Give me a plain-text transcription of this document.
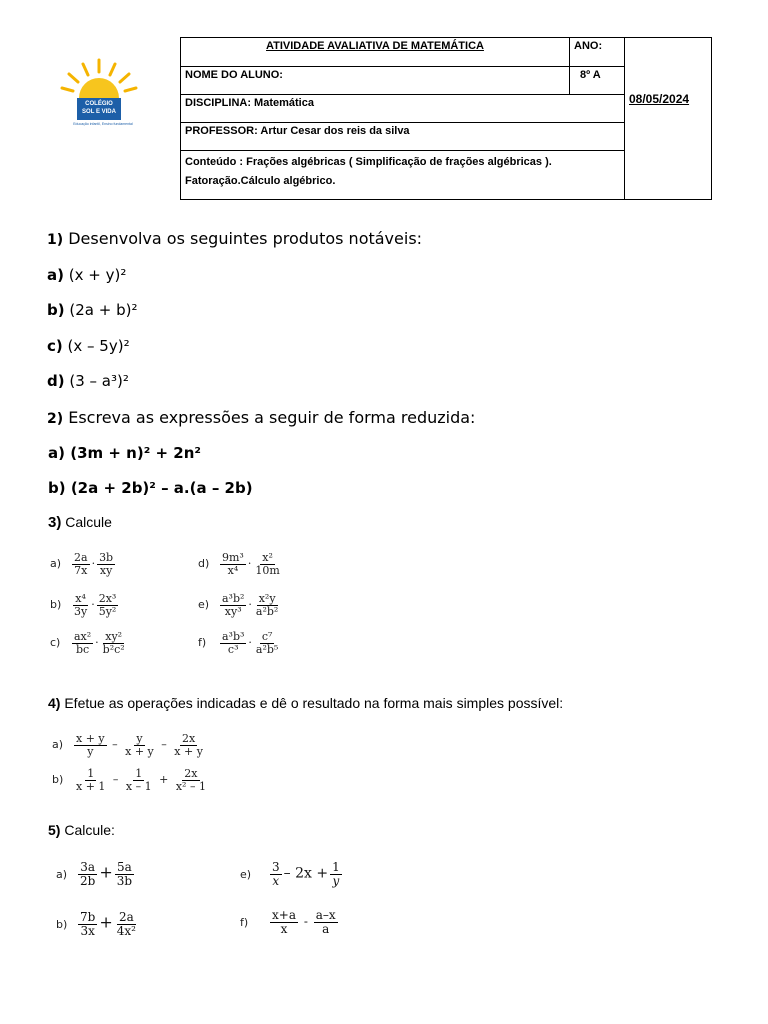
COLÉGIO
SOL E VIDA
Educação infantil, Ensino fundamental
ATIVIDADE AVALIATIVA DE MATEMÁTICA	ANO:
NOME DO ALUNO:	8º A
DISCIPLINA: Matemática
PROFESSOR: Artur Cesar dos reis da silva
Conteúdo : Frações algébricas ( Simplificação de frações algébricas ).
Fatoração.Cálculo algébrico.
08/05/2024
1) Desenvolva os seguintes produtos notáveis:
a) (x + y)²
b) (2a + b)²
c) (x – 5y)²
d) (3 – a³)²
2) Escreva as expressões a seguir de forma reduzida:
a) (3m + n)² + 2n²
b) (2a + 2b)² – a.(a – 2b)
3) Calcule
$a) \frac{2a}{7x} \cdot \frac{3b}{xy}$
$b) \frac{\text{x⁴}}{3y} \cdot \frac{\text{2x³}}{\text{5y²}}$
$c) \frac{\text{ax²}}{bc} \cdot \frac{\text{xy²}}{\text{b²c²}}$
$d) \frac{\text{9m³}}{\text{x⁴}} \cdot \frac{\text{x²}}{10m}$
$e) \frac{\text{a³b²}}{\text{xy³}} \cdot \frac{\text{x²y}}{\text{a²b²}}$
$f) \frac{\text{a³b³}}{\text{c³}} \cdot \frac{\text{c⁷}}{\text{a²b⁵}}$
4) Efetue as operações indicadas e dê o resultado na forma mais simples possível:
$a) \frac{x + y}{y} - \frac{y}{x + y} - \frac{2x}{x + y}$
$b) \frac{1}{x + 1} - \frac{1}{x - 1} + \frac{2x}{\text{x² – 1}}$
5) Calcule:
$a) \frac{3a}{2b} + \frac{5a}{3b}$
$b) \frac{7b}{3x} + \frac{2a}{\text{4x²}}$
$e) \frac{3}{x} - 2x + \frac{1}{y}$
$f) \frac{x+a}{x} - \frac{a-x}{a}$
